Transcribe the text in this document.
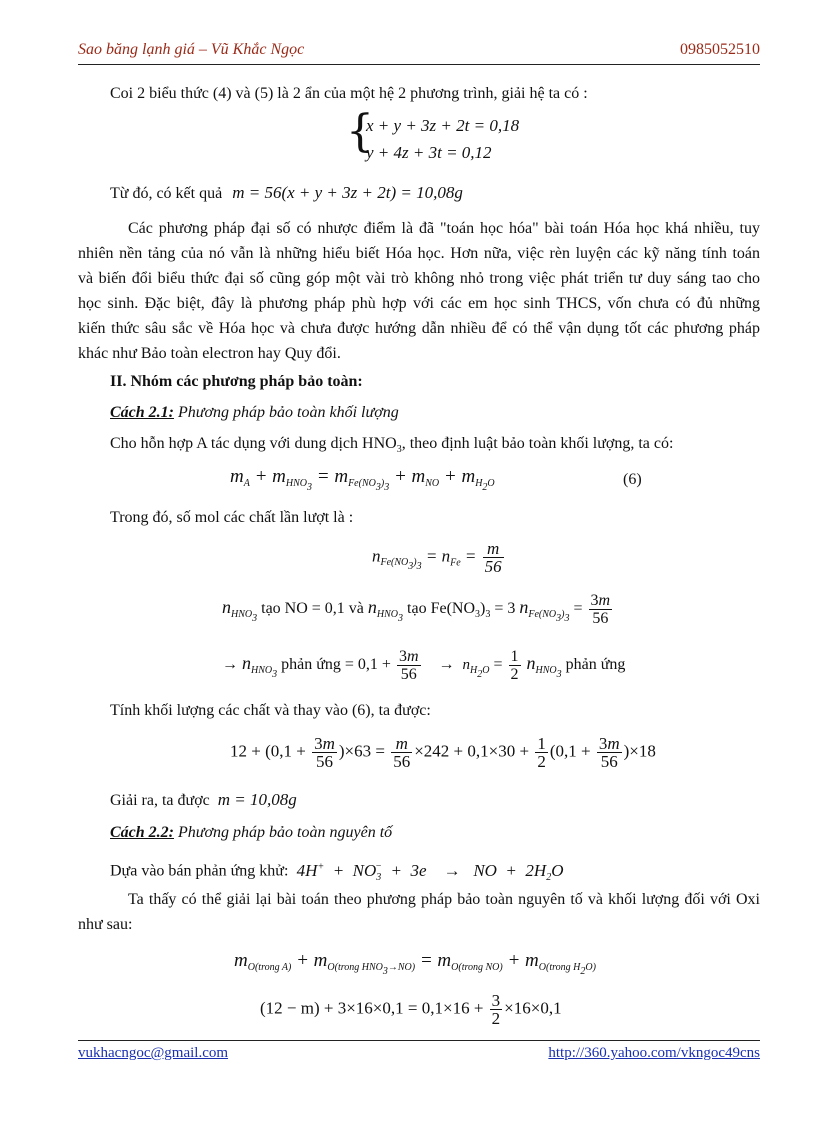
Sao băng lạnh giá – Vũ Khắc Ngọc	0985052510
Coi 2 biểu thức (4) và (5) là 2 ẩn của một hệ 2 phương trình, giải hệ ta có :
{
x + y + 3z + 2t = 0,18
y + 4z + 3t = 0,12
Từ đó, có kết quả m = 56(x + y + 3z + 2t) = 10,08g
Các phương pháp đại số có nhược điểm là đã "toán học hóa" bài toán Hóa học khá nhiều, tuy
nhiên nền tảng của nó vẫn là những hiểu biết Hóa học. Hơn nữa, việc rèn luyện các kỹ năng tính toán
và biến đổi biểu thức đại số cũng góp một vài trò không nhỏ trong việc phát triển tư duy sáng tao cho
học sinh. Đặc biệt, đây là phương pháp phù hợp với các em học sinh THCS, vốn chưa có đủ những
kiến thức sâu sắc về Hóa học và chưa được hướng dẫn nhiều để có thể vận dụng tốt các phương pháp
khác như Bảo toàn electron hay Quy đổi.
II. Nhóm các phương pháp bảo toàn:
Cách 2.1: Phương pháp bảo toàn khối lượng
Cho hỗn hợp A tác dụng với dung dịch $HNO_3$, theo định luật bảo toàn khối lượng, ta có:
$m_A + m_{HNO_3} = m_{Fe(NO_3)_3} + m_{NO} + m_{H_2O}$	(6)
Trong đó, số mol các chất lần lượt là :
$n_{Fe(NO_3)_3} = n_{Fe} = \frac{m}{56}$
$n_{HNO_3}$ tạo NO = 0,1 và $n_{HNO_3}$ tạo $Fe(NO_3)_3 = 3$ $n_{Fe(NO_3)_3} = \frac{3m}{56}$
→ $n_{HNO_3}$ phản ứng = $0,1 + \frac{3m}{56} \to n_{H_2O} = \frac{1}{2} n_{HNO_3}$ phản ứng
Tính khối lượng các chất và thay vào (6), ta được:
$12 + (0,1 + \frac{3m}{56} )\times 63 = \frac{m}{56} \times 242 + 0,1\times 30 + \frac{1}{2} (0,1 + \frac{3m}{56} )\times 18$
Giải ra, ta được m = 10,08g
Cách 2.2: Phương pháp bảo toàn nguyên tố
Dựa vào bán phản ứng khử:  $4H^+ + NO_3^- + 3e$    →   NO  +  $2H_2O$
Ta thấy có thể giải lại bài toán theo phương pháp bảo toàn nguyên tố và khối lượng đối với Oxi
như sau:
$m_{O(trong A)} + m_{O(trong HNO_3\to NO)} = m_{O(trong NO)} + m_{O(trong H_2O)}$
$(12 - m) + 3\times 16\times 0,1 = 0,1\times 16 + \frac{3}{2} \times 16\times 0,1$
vukhacngoc@gmail.com	http://360.yahoo.com/vkngoc49cns
